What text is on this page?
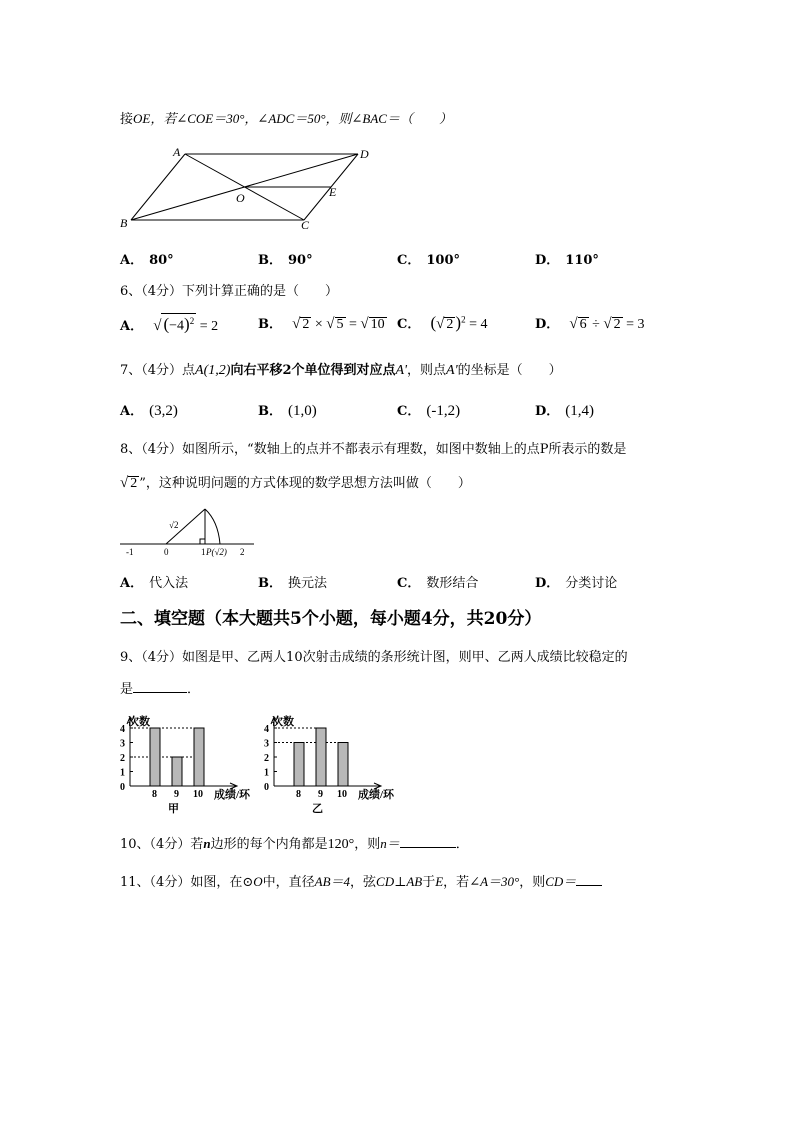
接OE，若∠COE＝30°，∠ADC＝50°，则∠BAC＝（　　）
A	D
B	C
O	E
A． 80°	B． 90°	C． 100°	D． 110°
6、（4分）下列计算正确的是（　　）
A． √ $(-4)^2 = 2$	B． √ 2 × √ 5 = √ 10 C． (√ 2 )$^2$ = 4	D． √ 6 ÷ √ 2 = 3
7、（4分）点A(1,2)向右平移2个单位得到对应点A'，则点A'的坐标是（　　）
A． (3,2)	B． (1,0)	C． (-1,2)	D． (1,4)
8、（4分）如图所示，“数轴上的点并不都表示有理数，如图中数轴上的点P所表示的数是
√ 2 ”，这种说明问题的方式体现的数学思想方法叫做（　　）
-1	0	1	2
√2
P(√2)
A． 代入法	B． 换元法	C． 数形结合	D． 分类讨论
二、填空题（本大题共5个小题，每小题4分，共20分）
9、（4分）如图是甲、乙两人10次射击成绩的条形统计图，则甲、乙两人成绩比较稳定的
是	．
0
1
2
3
4
次数
8 9 10 成绩/环
甲
0
1
2
3
4
次数
8 9 10 成绩/环
乙
10、（4分）若n边形的每个内角都是120°，则n＝	．
11、（4分）如图，在⊙O中，直径AB＝4，弦CD⊥AB于E，若∠A＝30°，则CD＝
